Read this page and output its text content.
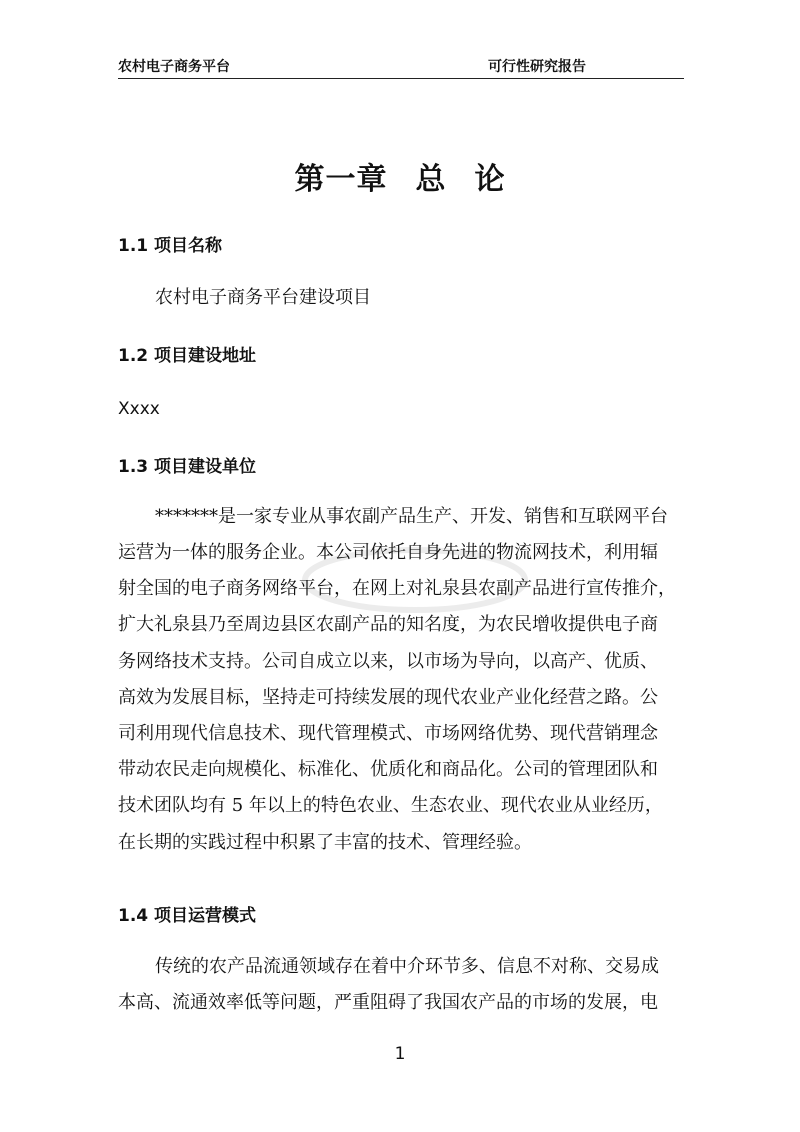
农村电子商务平台	可行性研究报告
第一章 总 论
1.1 项目名称
农村电子商务平台建设项目
1.2 项目建设地址
Xxxx
1.3 项目建设单位
*******是一家专业从事农副产品生产、开发、销售和互联网平台
运营为一体的服务企业。本公司依托自身先进的物流网技术，利用辐
射全国的电子商务网络平台，在网上对礼泉县农副产品进行宣传推介，
扩大礼泉县乃至周边县区农副产品的知名度，为农民增收提供电子商
务网络技术支持。公司自成立以来，以市场为导向，以高产、优质、
高效为发展目标，坚持走可持续发展的现代农业产业化经营之路。公
司利用现代信息技术、现代管理模式、市场网络优势、现代营销理念
带动农民走向规模化、标准化、优质化和商品化。公司的管理团队和
技术团队均有 5 年以上的特色农业、生态农业、现代农业从业经历，
在长期的实践过程中积累了丰富的技术、管理经验。
1.4 项目运营模式
传统的农产品流通领域存在着中介环节多、信息不对称、交易成
本高、流通效率低等问题，严重阻碍了我国农产品的市场的发展，电
1
